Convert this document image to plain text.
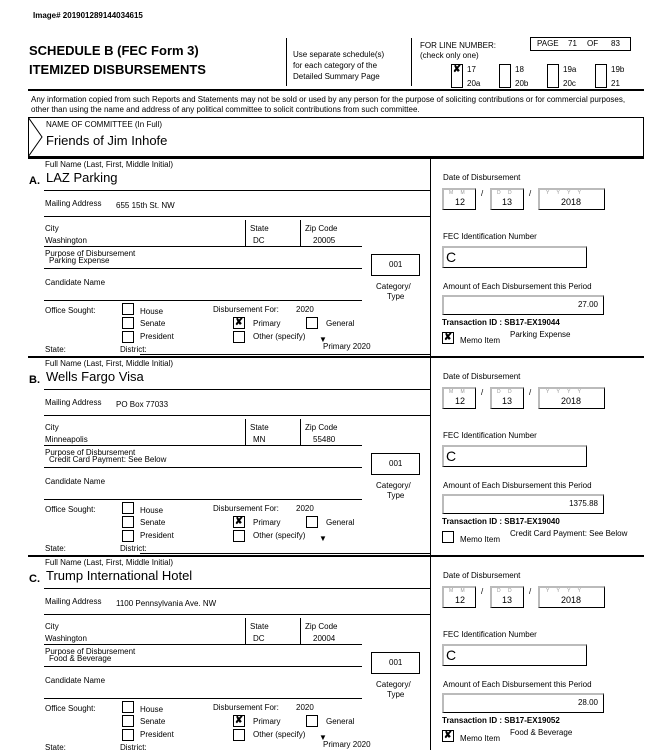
Image# 201901289144034615
SCHEDULE B (FEC Form 3)
ITEMIZED DISBURSEMENTS
Use separate schedule(s)
for each category of the
Detailed Summary Page
FOR LINE NUMBER:
(check only one)
PAGE 71 OF 83
✘ 17	18	19a	19b
20a	20b	20c	21
Any information copied from such Reports and Statements may not be sold or used by any person for the purpose of soliciting contributions or for commercial purposes, other than using the name and address of any political committee to solicit contributions from such committee.
NAME OF COMMITTEE (In Full)
Friends of Jim Inhofe
Full Name (Last, First, Middle Initial)
A. LAZ Parking
Mailing Address 655 15th St. NW
City
Washington
State
DC
Zip Code
20005
Purpose of Disbursement
Parking Expense	001
Category/
Type
Candidate Name
Office Sought:	House
Senate
President
State:	District:
Disbursement For: 2020
✘ Primary	General
Other (specify) ▼
Primary 2020
Date of Disbursement
M M
12
/	D D
13
/	Y Y Y Y
2018
FEC Identification Number
C
Amount of Each Disbursement this Period
27.00
Transaction ID : SB17-EX19044
✘ Memo Item
Parking Expense
Full Name (Last, First, Middle Initial)
B. Wells Fargo Visa
Mailing Address PO Box 77033
City
Minneapolis
State
MN
Zip Code
55480
Purpose of Disbursement
Credit Card Payment: See Below	001
Category/
Type
Candidate Name
Office Sought:	House
Senate
President
State:	District:
Disbursement For: 2020
✘ Primary	General
Other (specify) ▼
Date of Disbursement
M M
12
/	D D
13
/	Y Y Y Y
2018
FEC Identification Number
C
Amount of Each Disbursement this Period
1375.88
Transaction ID : SB17-EX19040
Memo Item
Credit Card Payment: See Below
Full Name (Last, First, Middle Initial)
C. Trump International Hotel
Mailing Address 1100 Pennsylvania Ave. NW
City
Washington
State
DC
Zip Code
20004
Purpose of Disbursement
Food & Beverage	001
Category/
Type
Candidate Name
Office Sought:	House
Senate
President
State:	District:
Disbursement For: 2020
✘ Primary	General
Other (specify) ▼
Primary 2020
Date of Disbursement
M M
12
/	D D
13
/	Y Y Y Y
2018
FEC Identification Number
C
Amount of Each Disbursement this Period
28.00
Transaction ID : SB17-EX19052
✘ Memo Item
Food & Beverage
